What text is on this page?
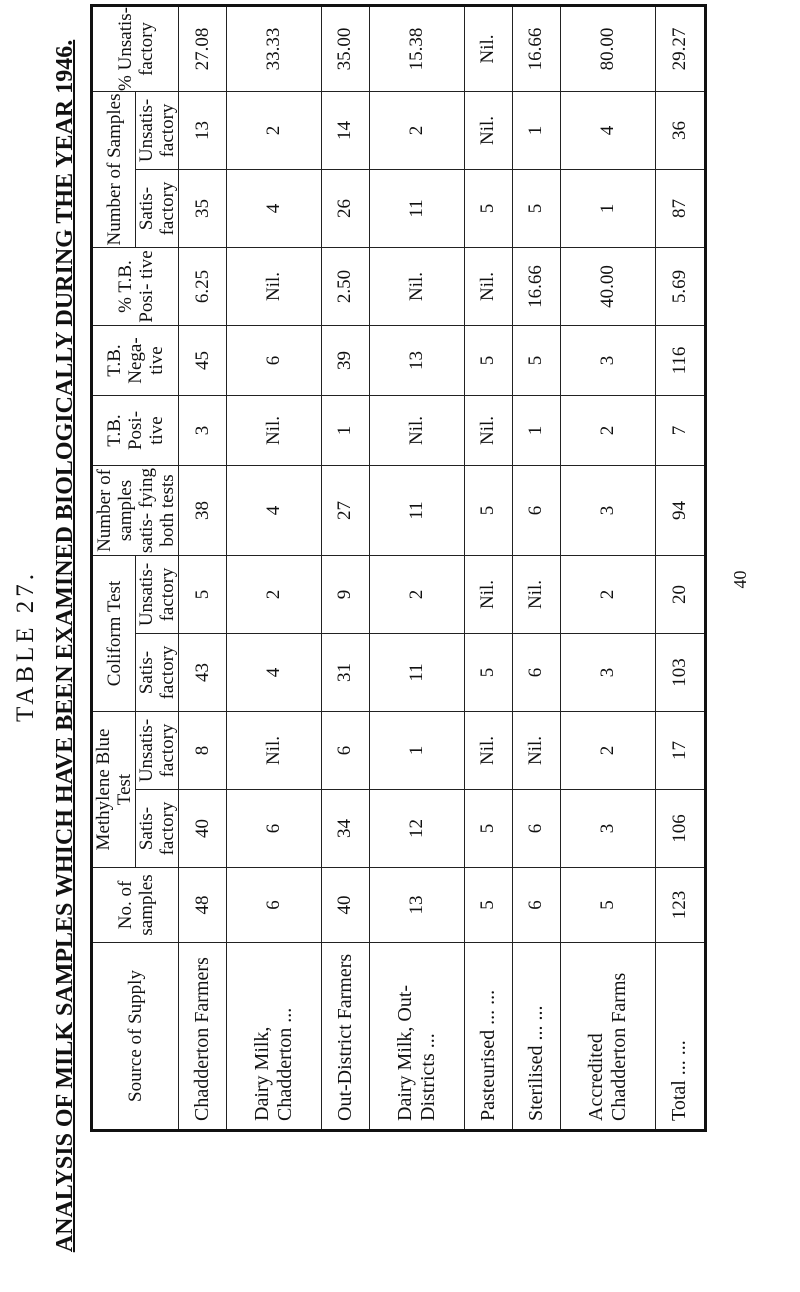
TABLE 27. ANALYSIS OF MILK SAMPLES WHICH HAVE BEEN EXAMINED BIOLOGICALLY DURING THE YEAR 1946. Source of Supply	No. of samples	Methylene Blue Test		Coliform Test		Number of samples satis- fying both tests	T.B. Posi- tive	T.B. Nega- tive	% T.B. Posi- tive	Number of Samples		% Unsatis- factory
		Satis- factory	Unsatis- factory	Satis- factory	Unsatis- factory					Satis- factory	Unsatis- factory	
Chadderton Farmers	48	40	8	43	5	38	3	45	6.25	35	13	27.08
Dairy Milk, Chadderton ...	6	6	Nil.	4	2	4	Nil.	6	Nil.	4	2	33.33
Out-District Farmers	40	34	6	31	9	27	1	39	2.50	26	14	35.00
Dairy Milk, Out-Districts ...	13	12	1	11	2	11	Nil.	13	Nil.	11	2	15.38
Pasteurised ... ...	5	5	Nil.	5	Nil.	5	Nil.	5	Nil.	5	Nil.	Nil.
Sterilised ... ...	6	6	Nil.	6	Nil.	6	1	5	16.66	5	1	16.66
Accredited Chadderton Farms	5	3	2	3	2	3	2	3	40.00	1	4	80.00
Total ... ...	123	106	17	103	20	94	7	116	5.69	87	36	29.27

40
